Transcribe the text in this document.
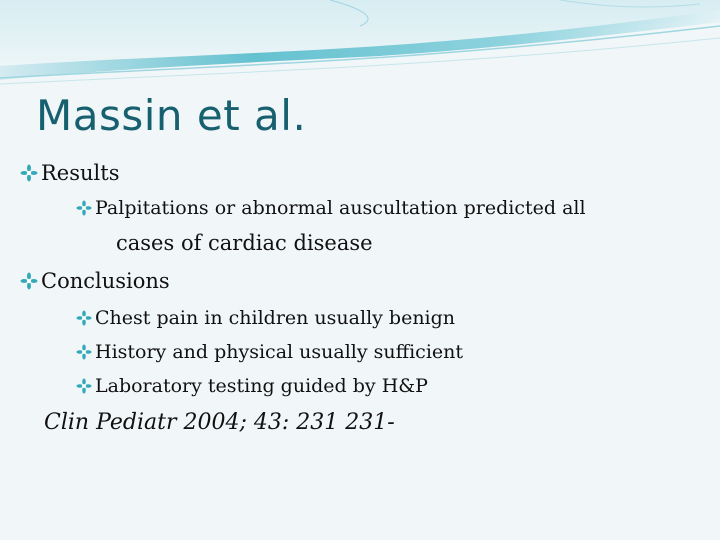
Massin et al.
Results
Palpitations or abnormal auscultation predicted all
cases of cardiac disease
Conclusions
Chest pain in children usually benign
History and physical usually sufficient
Laboratory testing guided by H&P
Clin Pediatr 2004; 43: 231 231-
